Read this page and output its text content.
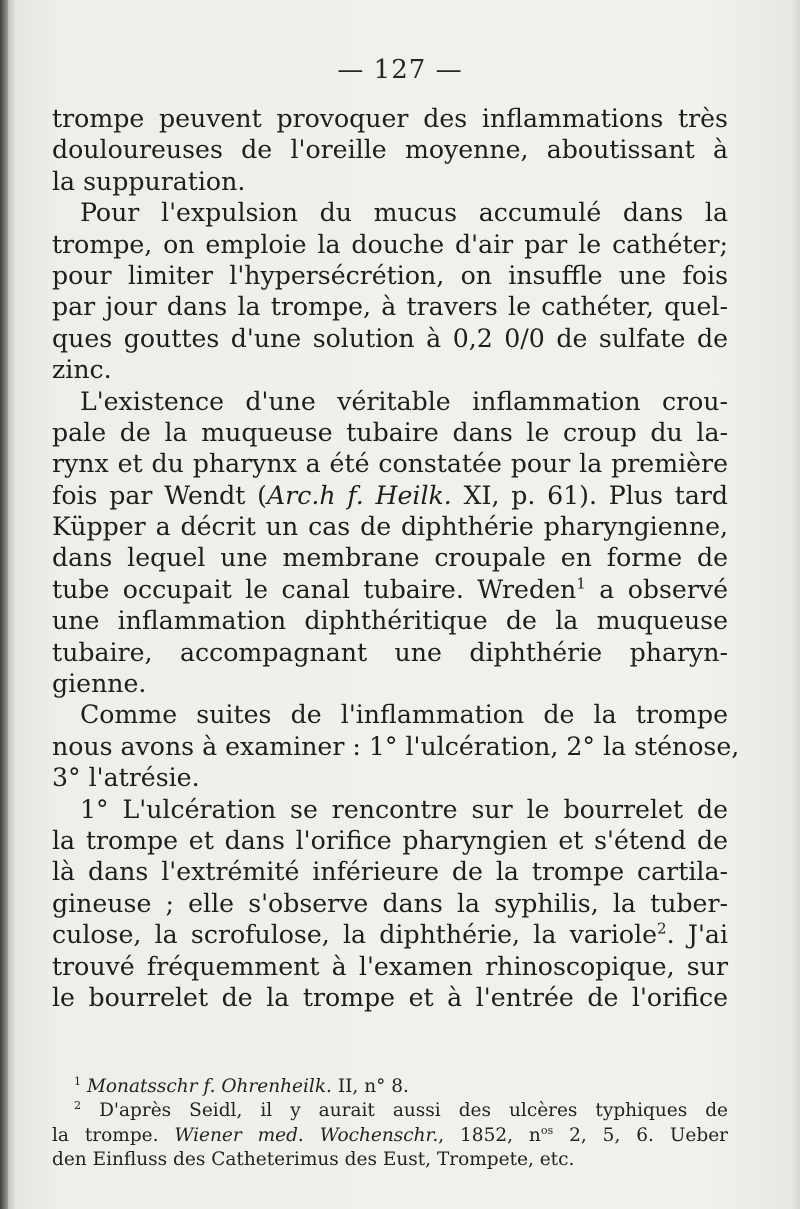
— 127 —
trompe peuvent provoquer des inflammations très
douloureuses de l'oreille moyenne, aboutissant à
la suppuration.
Pour l'expulsion du mucus accumulé dans la
trompe, on emploie la douche d'air par le cathéter;
pour limiter l'hypersécrétion, on insuffle une fois
par jour dans la trompe, à travers le cathéter, quel-
ques gouttes d'une solution à 0,2 0/0 de sulfate de
zinc.
L'existence d'une véritable inflammation crou-
pale de la muqueuse tubaire dans le croup du la-
rynx et du pharynx a été constatée pour la première
fois par Wendt (Arc.h f. Heilk. XI, p. 61). Plus tard
Küpper a décrit un cas de diphthérie pharyngienne,
dans lequel une membrane croupale en forme de
tube occupait le canal tubaire. Wreden$^1$ a observé
une inflammation diphthéritique de la muqueuse
tubaire, accompagnant une diphthérie pharyn-
gienne.
Comme suites de l'inflammation de la trompe
nous avons à examiner : 1° l'ulcération, 2° la sténose,
3° l'atrésie.
1° L'ulcération se rencontre sur le bourrelet de
la trompe et dans l'orifice pharyngien et s'étend de
là dans l'extrémité inférieure de la trompe cartila-
gineuse ; elle s'observe dans la syphilis, la tuber-
culose, la scrofulose, la diphthérie, la variole$^2$. J'ai
trouvé fréquemment à l'examen rhinoscopique, sur
le bourrelet de la trompe et à l'entrée de l'orifice
$^1$ Monatsschr f. Ohrenheilk. II, n° 8.
$^2$ D'après Seidl, il y aurait aussi des ulcères typhiques de
la trompe. Wiener med. Wochenschr., 1852, $n^{os}$ 2, 5, 6. Ueber
den Einfluss des Catheterimus des Eust, Trompete, etc.
